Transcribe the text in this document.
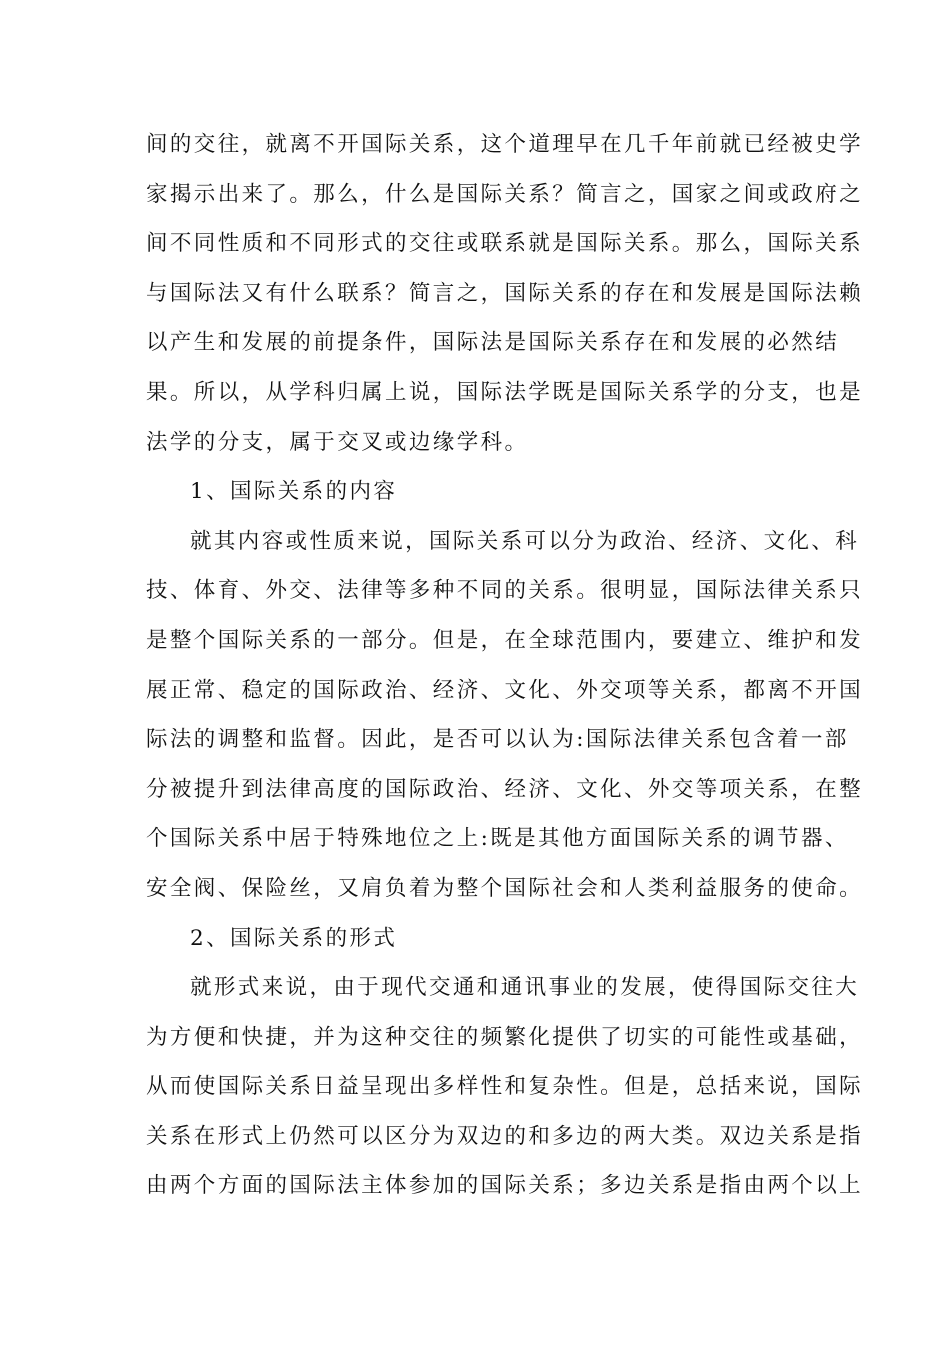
间的交往，就离不开国际关系，这个道理早在几千年前就已经被史学
家揭示出来了。那么，什么是国际关系？简言之，国家之间或政府之
间不同性质和不同形式的交往或联系就是国际关系。那么，国际关系
与国际法又有什么联系？简言之，国际关系的存在和发展是国际法赖
以产生和发展的前提条件，国际法是国际关系存在和发展的必然结
果。所以，从学科归属上说，国际法学既是国际关系学的分支，也是
法学的分支，属于交叉或边缘学科。
1、国际关系的内容
就其内容或性质来说，国际关系可以分为政治、经济、文化、科
技、体育、外交、法律等多种不同的关系。很明显，国际法律关系只
是整个国际关系的一部分。但是，在全球范围内，要建立、维护和发
展正常、稳定的国际政治、经济、文化、外交项等关系，都离不开国
际法的调整和监督。因此，是否可以认为:国际法律关系包含着一部
分被提升到法律高度的国际政治、经济、文化、外交等项关系，在整
个国际关系中居于特殊地位之上:既是其他方面国际关系的调节器、
安全阀、保险丝，又肩负着为整个国际社会和人类利益服务的使命。
2、国际关系的形式
就形式来说，由于现代交通和通讯事业的发展，使得国际交往大
为方便和快捷，并为这种交往的频繁化提供了切实的可能性或基础，
从而使国际关系日益呈现出多样性和复杂性。但是，总括来说，国际
关系在形式上仍然可以区分为双边的和多边的两大类。双边关系是指
由两个方面的国际法主体参加的国际关系；多边关系是指由两个以上
